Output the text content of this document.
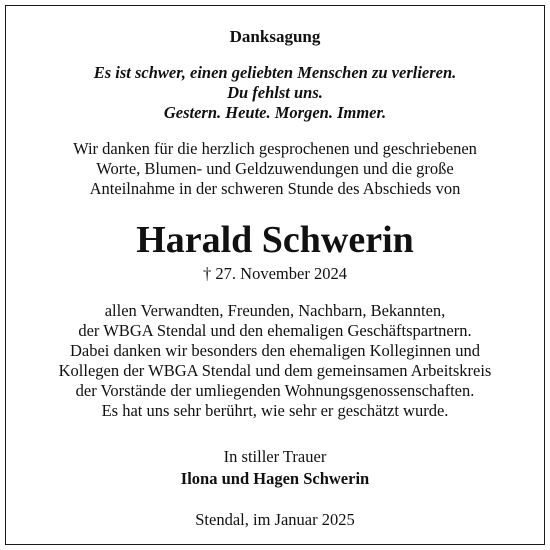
Danksagung
Es ist schwer, einen geliebten Menschen zu verlieren.
Du fehlst uns.
Gestern. Heute. Morgen. Immer.
Wir danken für die herzlich gesprochenen und geschriebenen
Worte, Blumen- und Geldzuwendungen und die große
Anteilnahme in der schweren Stunde des Abschieds von
Harald Schwerin
† 27. November 2024
allen Verwandten, Freunden, Nachbarn, Bekannten,
der WBGA Stendal und den ehemaligen Geschäftspartnern.
Dabei danken wir besonders den ehemaligen Kolleginnen und
Kollegen der WBGA Stendal und dem gemeinsamen Arbeitskreis
der Vorstände der umliegenden Wohnungsgenossenschaften.
Es hat uns sehr berührt, wie sehr er geschätzt wurde.
In stiller Trauer
Ilona und Hagen Schwerin
Stendal, im Januar 2025
